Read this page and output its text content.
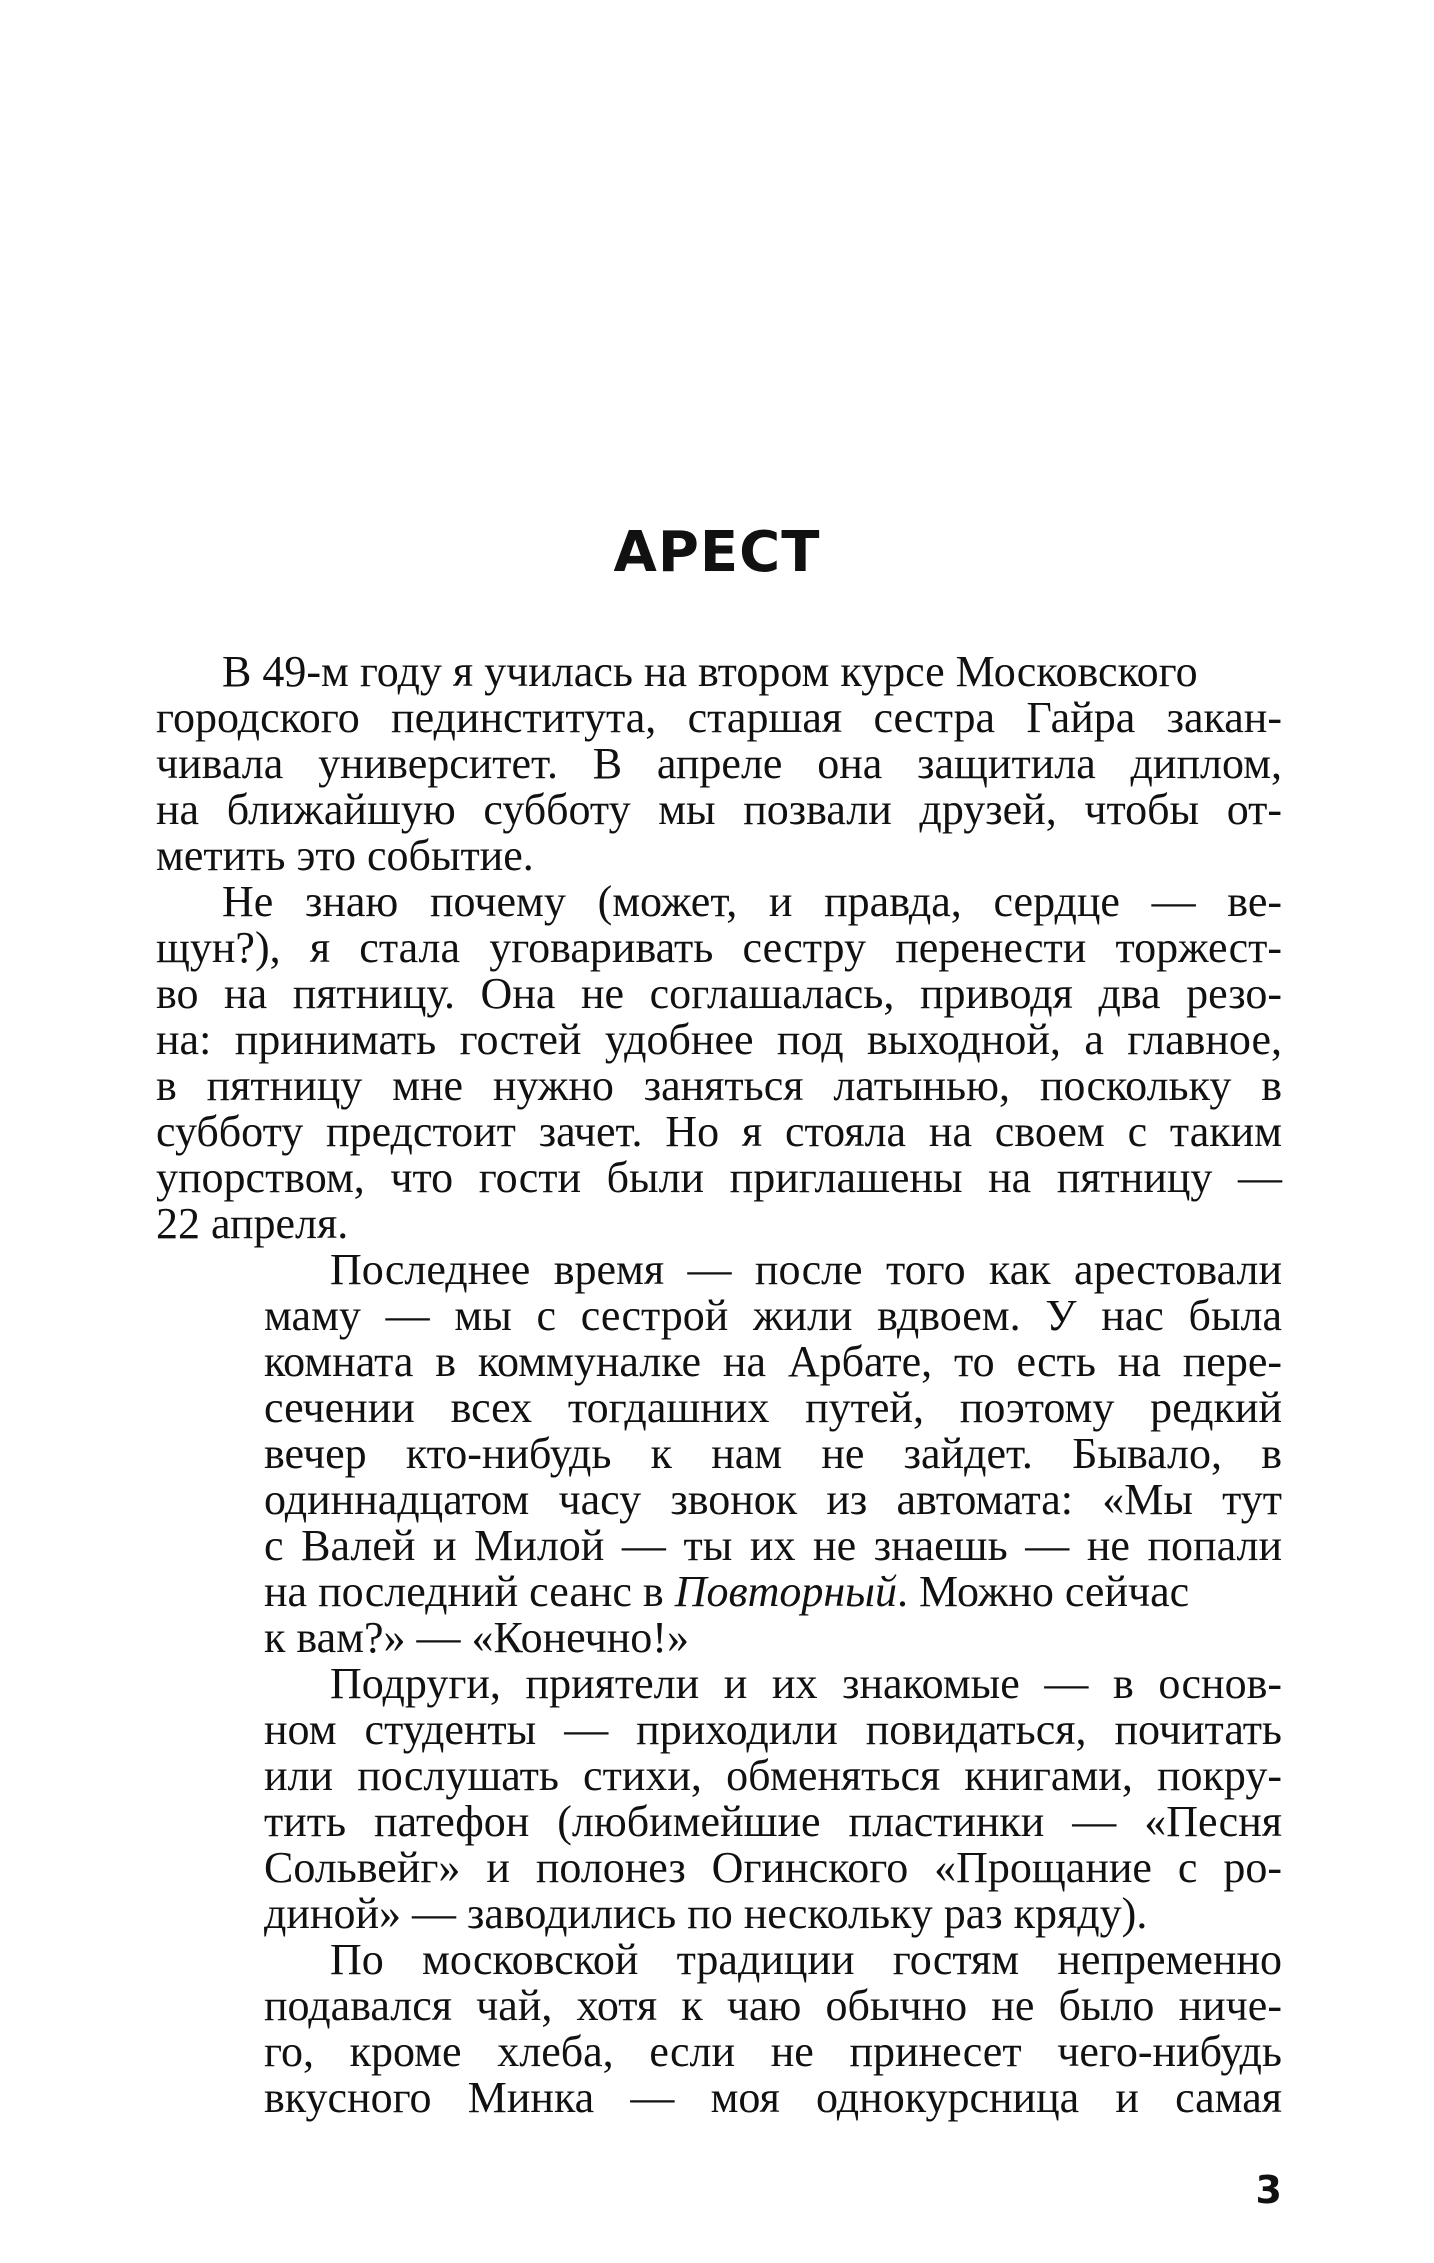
АРЕСТ

В 49-м году я училась на втором курсе Московского

городского пединститута, старшая сестра Гайра закан-

чивала университет. В апреле она защитила диплом,

на ближайшую субботу мы позвали друзей, чтобы от-

метить это событие.

Не знаю почему (может, и правда, сердце — ве-

щун?), я стала уговаривать сестру перенести торжест-

во на пятницу. Она не соглашалась, приводя два резо-

на: принимать гостей удобнее под выходной, а главное,

в пятницу мне нужно заняться латынью, поскольку в

субботу предстоит зачет. Но я стояла на своем с таким

упорством, что гости были приглашены на пятницу —

22 апреля.

Последнее время — после того как арестовали

маму — мы с сестрой жили вдвоем. У нас была

комната в коммуналке на Арбате, то есть на пере-

сечении всех тогдашних путей, поэтому редкий

вечер кто-нибудь к нам не зайдет. Бывало, в

одиннадцатом часу звонок из автомата: «Мы тут

с Валей и Милой — ты их не знаешь — не попали

на последний сеанс в Повторный. Можно сейчас

к вам?» — «Конечно!»

Подруги, приятели и их знакомые — в основ-

ном студенты — приходили повидаться, почитать

или послушать стихи, обменяться книгами, покру-

тить патефон (любимейшие пластинки — «Песня

Сольвейг» и полонез Огинского «Прощание с ро-

диной» — заводились по нескольку раз кряду).

По московской традиции гостям непременно

подавался чай, хотя к чаю обычно не было ниче-

го, кроме хлеба, если не принесет чего-нибудь

вкусного Минка — моя однокурсница и самая

3
